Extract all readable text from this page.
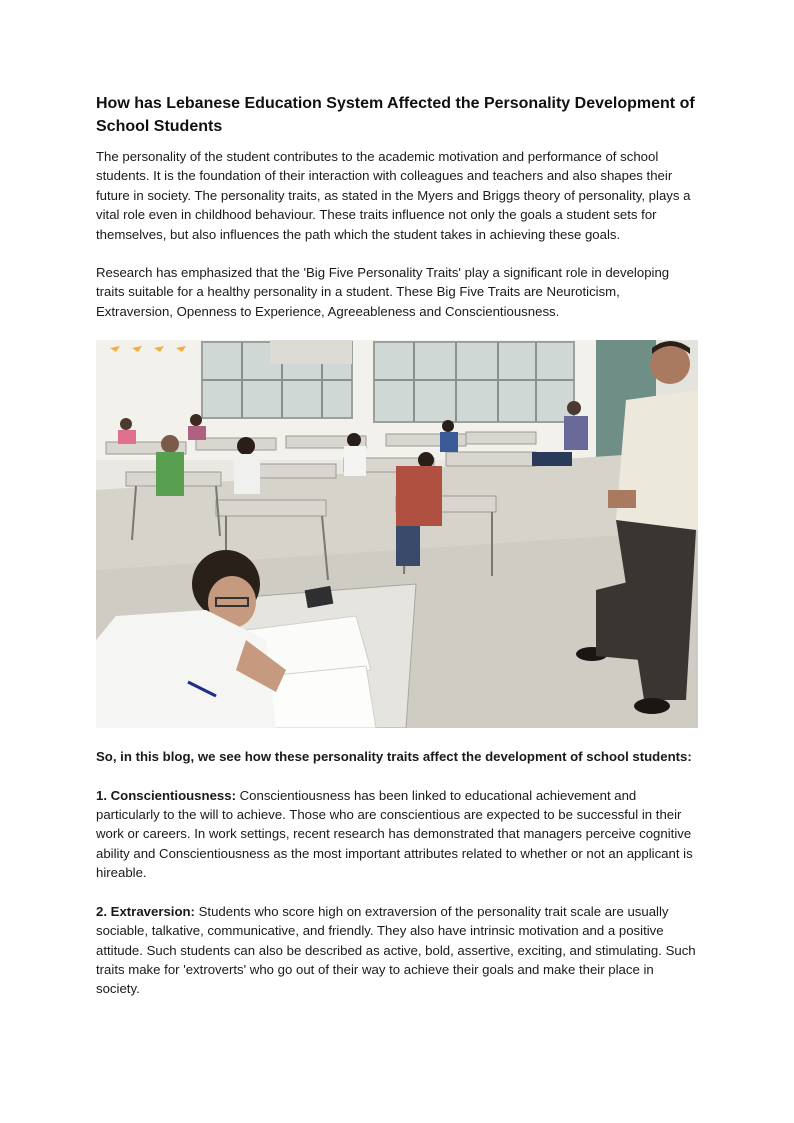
How has Lebanese Education System Affected the Personality Development of School Students

The personality of the student contributes to the academic motivation and performance of school students. It is the foundation of their interaction with colleagues and teachers and also shapes their future in society. The personality traits, as stated in the Myers and Briggs theory of personality, plays a vital role even in childhood behaviour. These traits influence not only the goals a student sets for themselves, but also influences the path which the student takes in achieving these goals.

Research has emphasized that the 'Big Five Personality Traits' play a significant role in developing traits suitable for a healthy personality in a student. These Big Five Traits are Neuroticism, Extraversion, Openness to Experience, Agreeableness and Conscientiousness.

So, in this blog, we see how these personality traits affect the development of school students:

1. Conscientiousness: Conscientiousness has been linked to educational achievement and particularly to the will to achieve. Those who are conscientious are expected to be successful in their work or careers. In work settings, recent research has demonstrated that managers perceive cognitive ability and Conscientiousness as the most important attributes related to whether or not an applicant is hireable.

2. Extraversion: Students who score high on extraversion of the personality trait scale are usually sociable, talkative, communicative, and friendly. They also have intrinsic motivation and a positive attitude. Such students can also be described as active, bold, assertive, exciting, and stimulating. Such traits make for 'extroverts' who go out of their way to achieve their goals and make their place in society.
